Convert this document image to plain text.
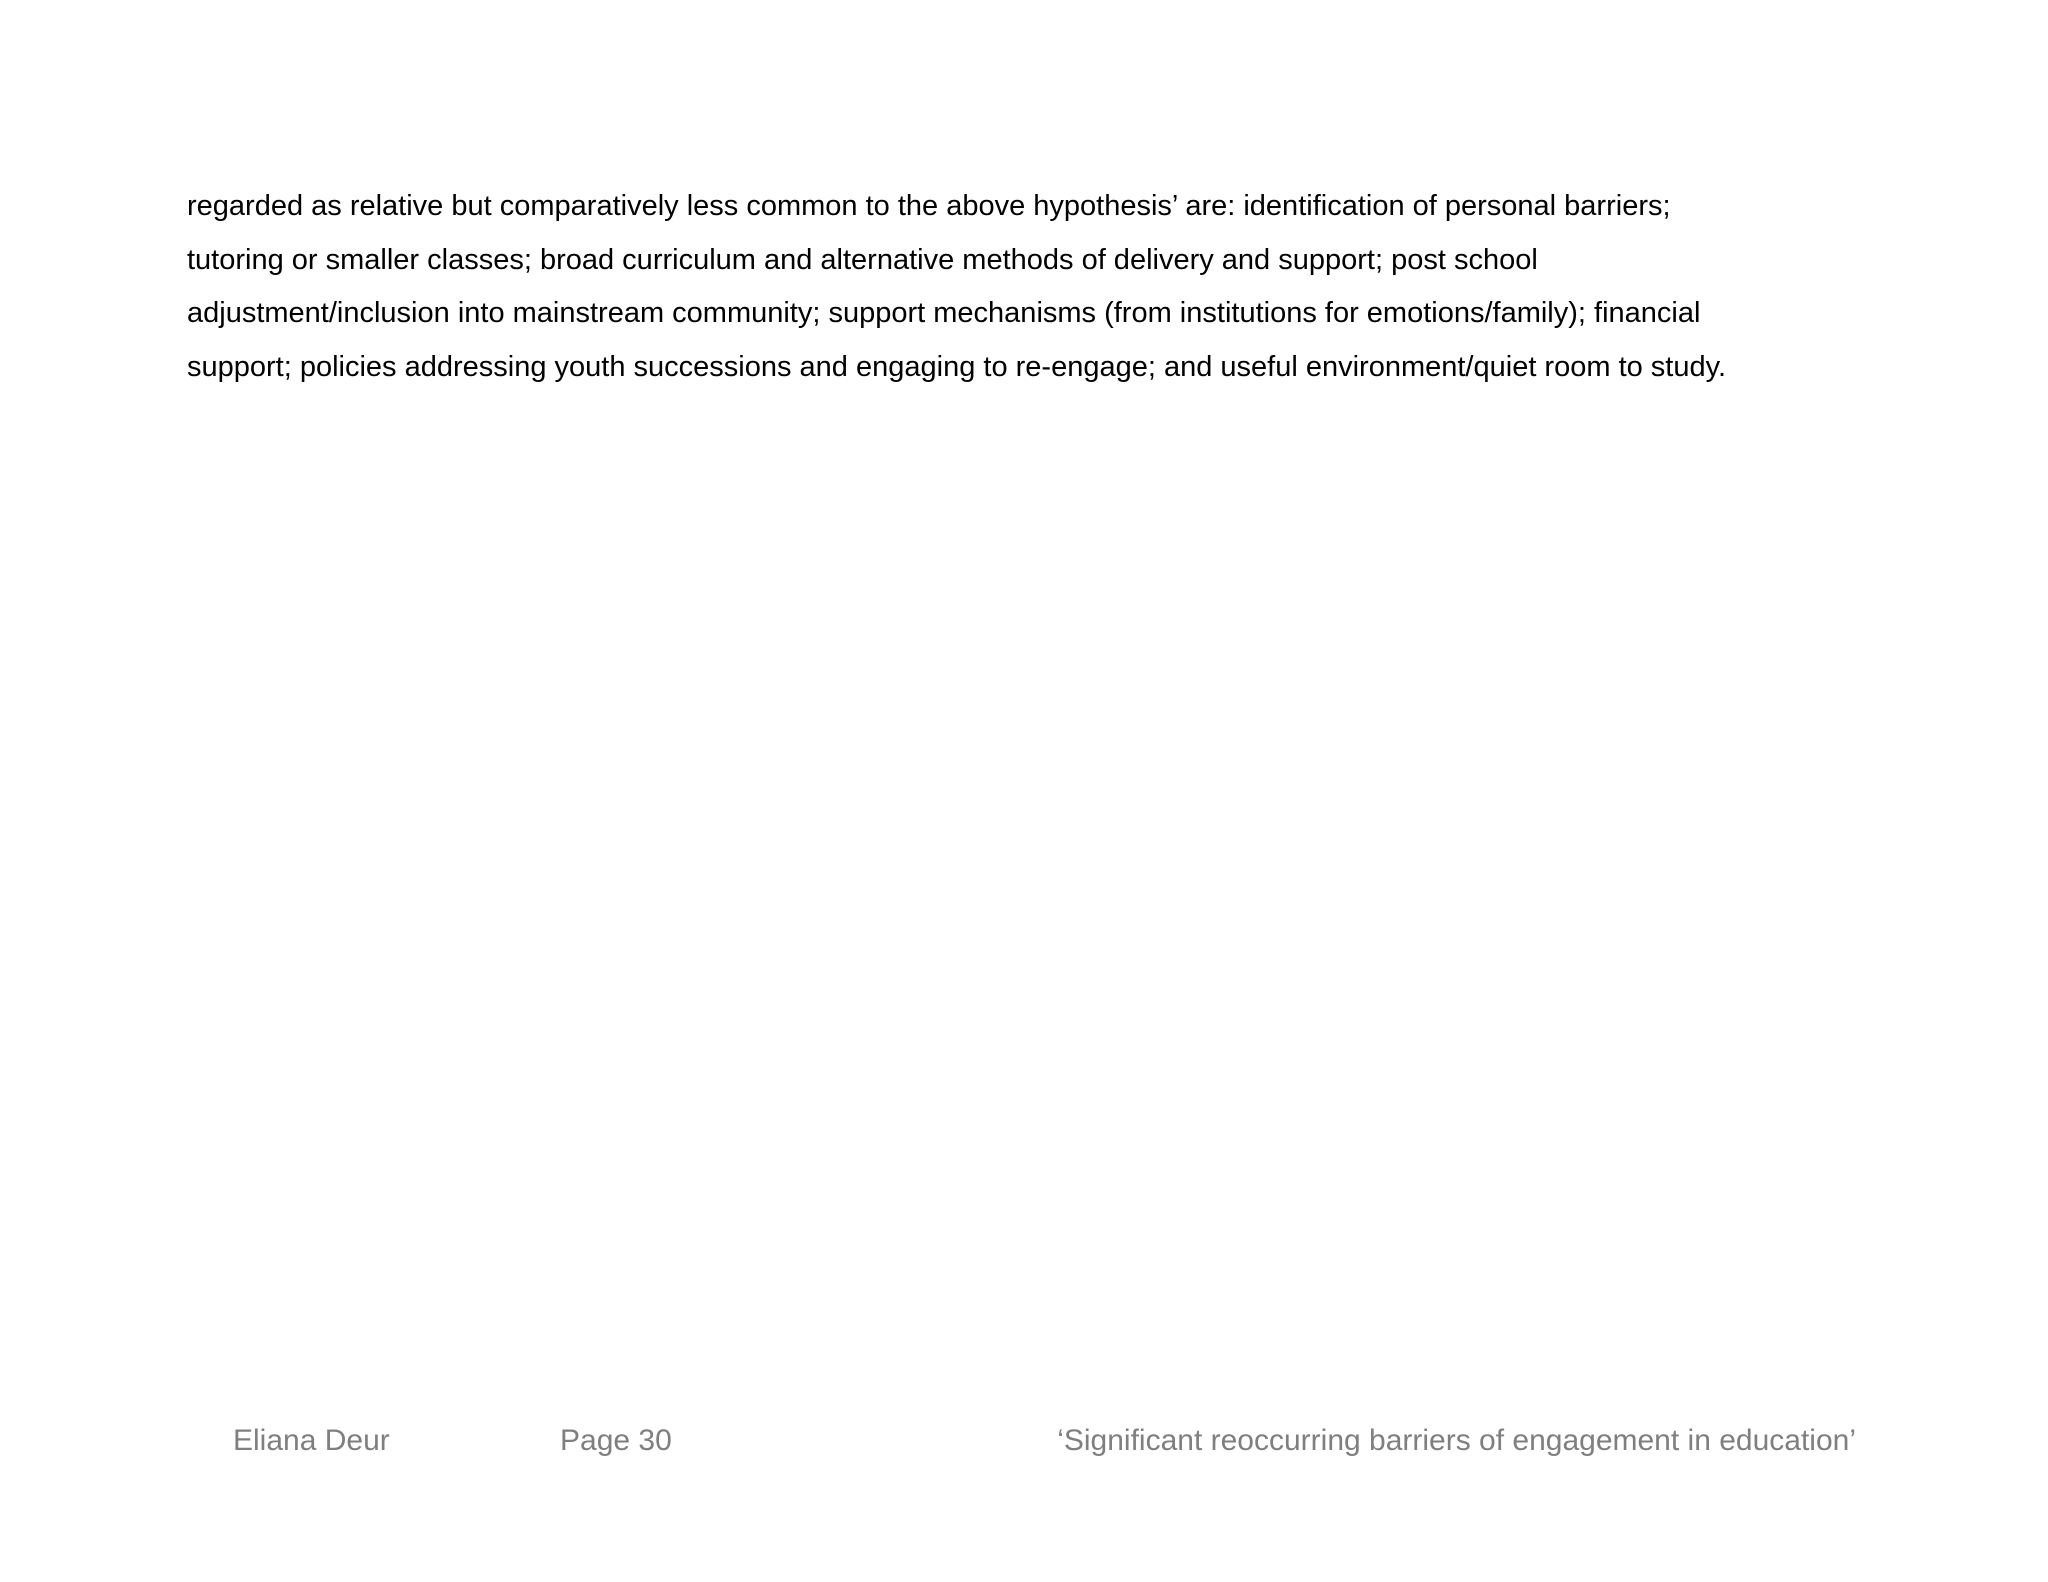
regarded as relative but comparatively less common to the above hypothesis’ are: identification of personal barriers;
tutoring or smaller classes; broad curriculum and alternative methods of delivery and support; post school
adjustment/inclusion into mainstream community; support mechanisms (from institutions for emotions/family); financial
support; policies addressing youth successions and engaging to re-engage; and useful environment/quiet room to study.

Eliana Deur	Page 30	‘Significant reoccurring barriers of engagement in education’
